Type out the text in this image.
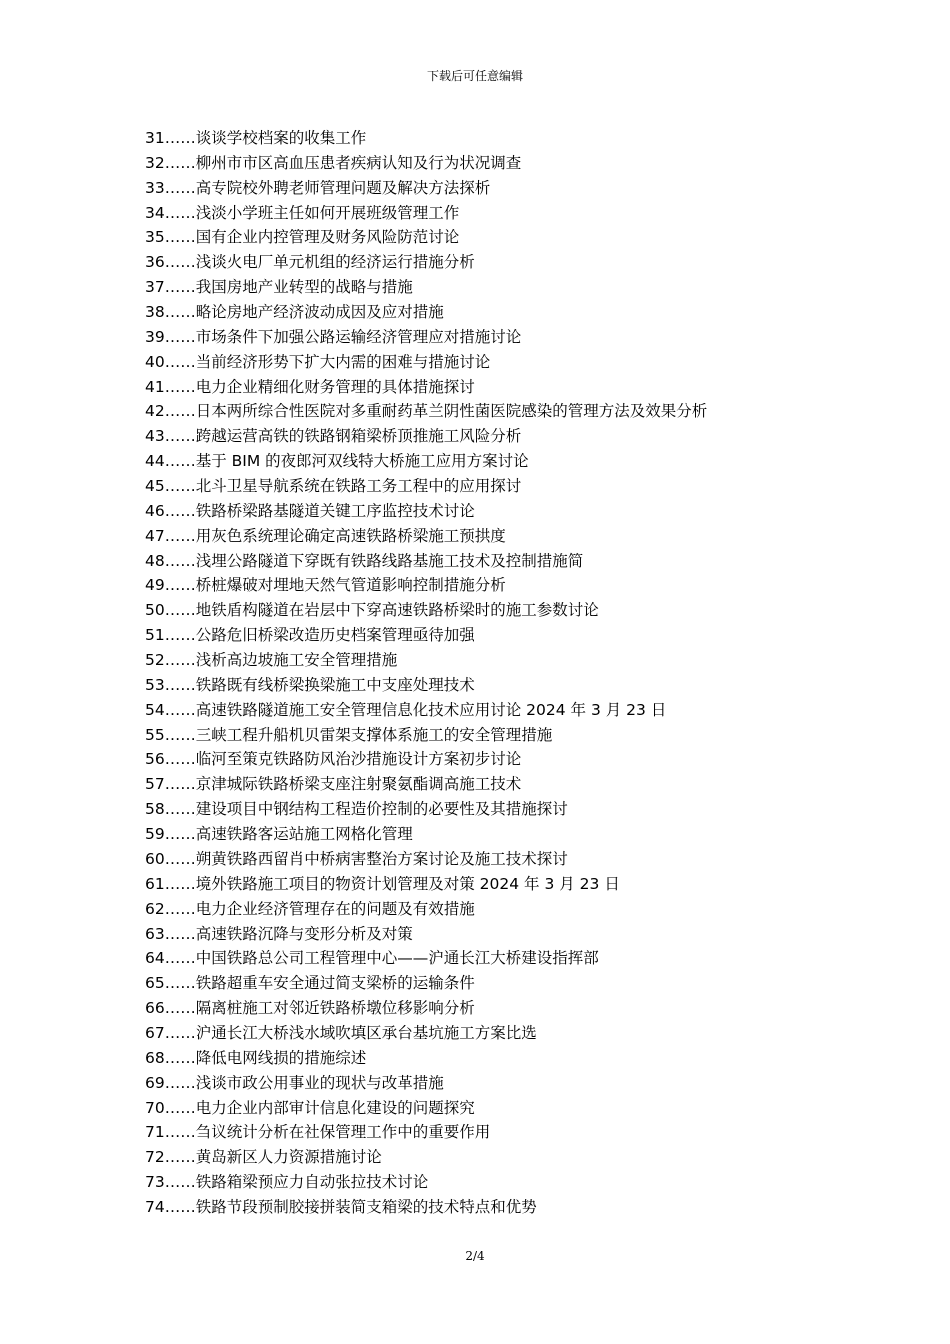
下载后可任意编辑
31……谈谈学校档案的收集工作
32……柳州市市区高血压患者疾病认知及行为状况调查
33……高专院校外聘老师管理问题及解决方法探析
34……浅淡小学班主任如何开展班级管理工作
35……国有企业内控管理及财务风险防范讨论
36……浅谈火电厂单元机组的经济运行措施分析
37……我国房地产业转型的战略与措施
38……略论房地产经济波动成因及应对措施
39……市场条件下加强公路运输经济管理应对措施讨论
40……当前经济形势下扩大内需的困难与措施讨论
41……电力企业精细化财务管理的具体措施探讨
42……日本两所综合性医院对多重耐药革兰阴性菌医院感染的管理方法及效果分析
43……跨越运营高铁的铁路钢箱梁桥顶推施工风险分析
44……基于 BIM 的夜郎河双线特大桥施工应用方案讨论
45……北斗卫星导航系统在铁路工务工程中的应用探讨
46……铁路桥梁路基隧道关键工序监控技术讨论
47……用灰色系统理论确定高速铁路桥梁施工预拱度
48……浅埋公路隧道下穿既有铁路线路基施工技术及控制措施简
49……桥桩爆破对埋地天然气管道影响控制措施分析
50……地铁盾构隧道在岩层中下穿高速铁路桥梁时的施工参数讨论
51……公路危旧桥梁改造历史档案管理亟待加强
52……浅析高边坡施工安全管理措施
53……铁路既有线桥梁换梁施工中支座处理技术
54……高速铁路隧道施工安全管理信息化技术应用讨论 2024 年 3 月 23 日
55……三峡工程升船机贝雷架支撑体系施工的安全管理措施
56……临河至策克铁路防风治沙措施设计方案初步讨论
57……京津城际铁路桥梁支座注射聚氨酯调高施工技术
58……建设项目中钢结构工程造价控制的必要性及其措施探讨
59……高速铁路客运站施工网格化管理
60……朔黄铁路西留肖中桥病害整治方案讨论及施工技术探讨
61……境外铁路施工项目的物资计划管理及对策 2024 年 3 月 23 日
62……电力企业经济管理存在的问题及有效措施
63……高速铁路沉降与变形分析及对策
64……中国铁路总公司工程管理中心——沪通长江大桥建设指挥部
65……铁路超重车安全通过简支梁桥的运输条件
66……隔离桩施工对邻近铁路桥墩位移影响分析
67……沪通长江大桥浅水域吹填区承台基坑施工方案比选
68……降低电网线损的措施综述
69……浅谈市政公用事业的现状与改革措施
70……电力企业内部审计信息化建设的问题探究
71……刍议统计分析在社保管理工作中的重要作用
72……黄岛新区人力资源措施讨论
73……铁路箱梁预应力自动张拉技术讨论
74……铁路节段预制胶接拼装简支箱梁的技术特点和优势
2/4
